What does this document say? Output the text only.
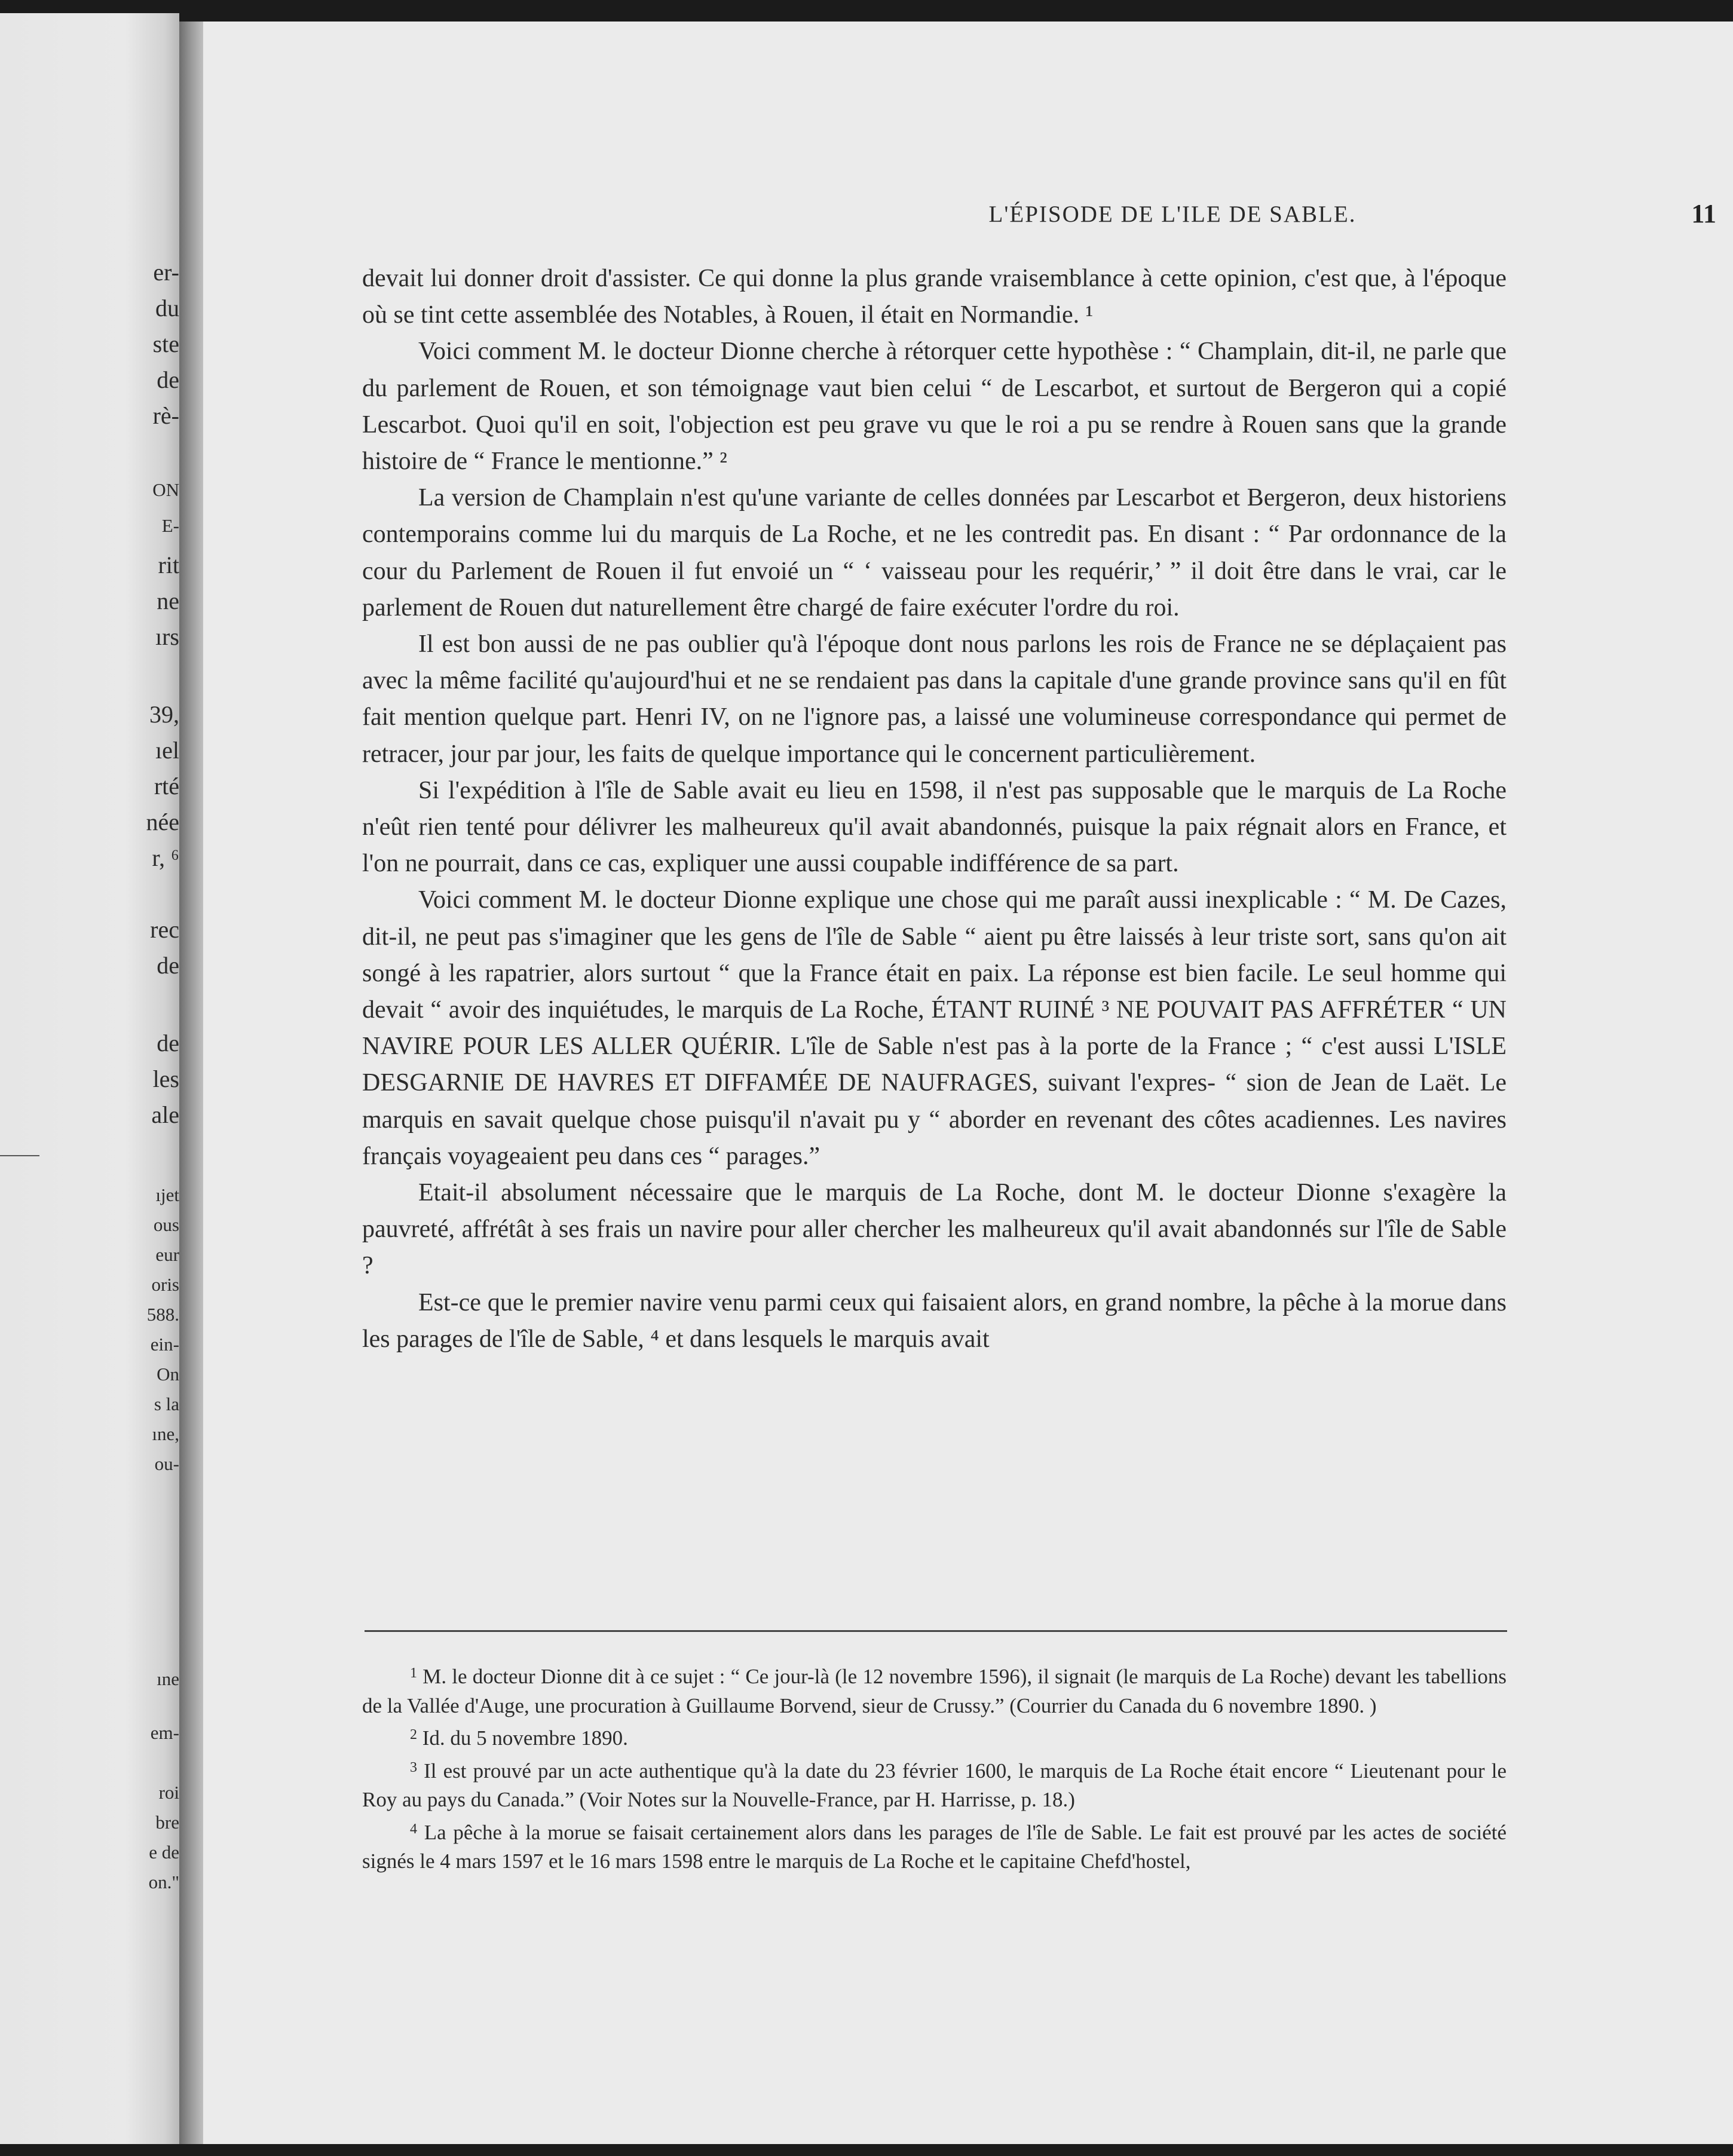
er-
du
ste
de
rè-
ON
E-
rit
ne
ırs
39,
ıel
rté
née
r, ⁶
rec
de
de
les
ale
ıjet
ous
eur
oris
588.
ein-
On
s la
ıne,
ou-
ıne
em-
roi
bre
e de
on."
L'ÉPISODE DE L'ILE DE SABLE.	11

devait lui donner droit d'assister. Ce qui donne la plus grande vraisemblance à cette opinion, c'est que, à l'époque où se tint cette assemblée des Notables, à Rouen, il était en Normandie. ¹

Voici comment M. le docteur Dionne cherche à rétorquer cette hypothèse : “ Champlain, dit-il, ne parle que du parlement de Rouen, et son témoignage vaut bien celui “ de Lescarbot, et surtout de Bergeron qui a copié Lescarbot. Quoi qu'il en soit, l'objection est peu grave vu que le roi a pu se rendre à Rouen sans que la grande histoire de “ France le mentionne.” ²

La version de Champlain n'est qu'une variante de celles données par Lescarbot et Bergeron, deux historiens contemporains comme lui du marquis de La Roche, et ne les contredit pas. En disant : “ Par ordonnance de la cour du Parlement de Rouen il fut envoié un “ ‘ vaisseau pour les requérir,’ ” il doit être dans le vrai, car le parlement de Rouen dut naturellement être chargé de faire exécuter l'ordre du roi.

Il est bon aussi de ne pas oublier qu'à l'époque dont nous parlons les rois de France ne se déplaçaient pas avec la même facilité qu'aujourd'hui et ne se rendaient pas dans la capitale d'une grande province sans qu'il en fût fait mention quelque part. Henri IV, on ne l'ignore pas, a laissé une volumineuse correspondance qui permet de retracer, jour par jour, les faits de quelque importance qui le concernent particulièrement.

Si l'expédition à l'île de Sable avait eu lieu en 1598, il n'est pas supposable que le marquis de La Roche n'eût rien tenté pour délivrer les malheureux qu'il avait abandonnés, puisque la paix régnait alors en France, et l'on ne pourrait, dans ce cas, expliquer une aussi coupable indifférence de sa part.

Voici comment M. le docteur Dionne explique une chose qui me paraît aussi inexplicable : “ M. De Cazes, dit-il, ne peut pas s'imaginer que les gens de l'île de Sable “ aient pu être laissés à leur triste sort, sans qu'on ait songé à les rapatrier, alors surtout “ que la France était en paix. La réponse est bien facile. Le seul homme qui devait “ avoir des inquiétudes, le marquis de La Roche, ÉTANT RUINÉ ³ NE POUVAIT PAS AFFRÉTER “ UN NAVIRE POUR LES ALLER QUÉRIR. L'île de Sable n'est pas à la porte de la France ; “ c'est aussi L'ISLE DESGARNIE DE HAVRES ET DIFFAMÉE DE NAUFRAGES, suivant l'expres- “ sion de Jean de Laët. Le marquis en savait quelque chose puisqu'il n'avait pu y “ aborder en revenant des côtes acadiennes. Les navires français voyageaient peu dans ces “ parages.”

Etait-il absolument nécessaire que le marquis de La Roche, dont M. le docteur Dionne s'exagère la pauvreté, affrétât à ses frais un navire pour aller chercher les malheureux qu'il avait abandonnés sur l'île de Sable ?

Est-ce que le premier navire venu parmi ceux qui faisaient alors, en grand nombre, la pêche à la morue dans les parages de l'île de Sable, ⁴ et dans lesquels le marquis avait

$^1$ M. le docteur Dionne dit à ce sujet : “ Ce jour-là (le 12 novembre 1596), il signait (le marquis de La Roche) devant les tabellions de la Vallée d'Auge, une procuration à Guillaume Borvend, sieur de Crussy.” (Courrier du Canada du 6 novembre 1890. )

$^2$ Id. du 5 novembre 1890.

$^3$ Il est prouvé par un acte authentique qu'à la date du 23 février 1600, le marquis de La Roche était encore “ Lieutenant pour le Roy au pays du Canada.” (Voir Notes sur la Nouvelle-France, par H. Harrisse, p. 18.)

$^4$ La pêche à la morue se faisait certainement alors dans les parages de l'île de Sable. Le fait est prouvé par les actes de société signés le 4 mars 1597 et le 16 mars 1598 entre le marquis de La Roche et le capitaine Chefd'hostel,
